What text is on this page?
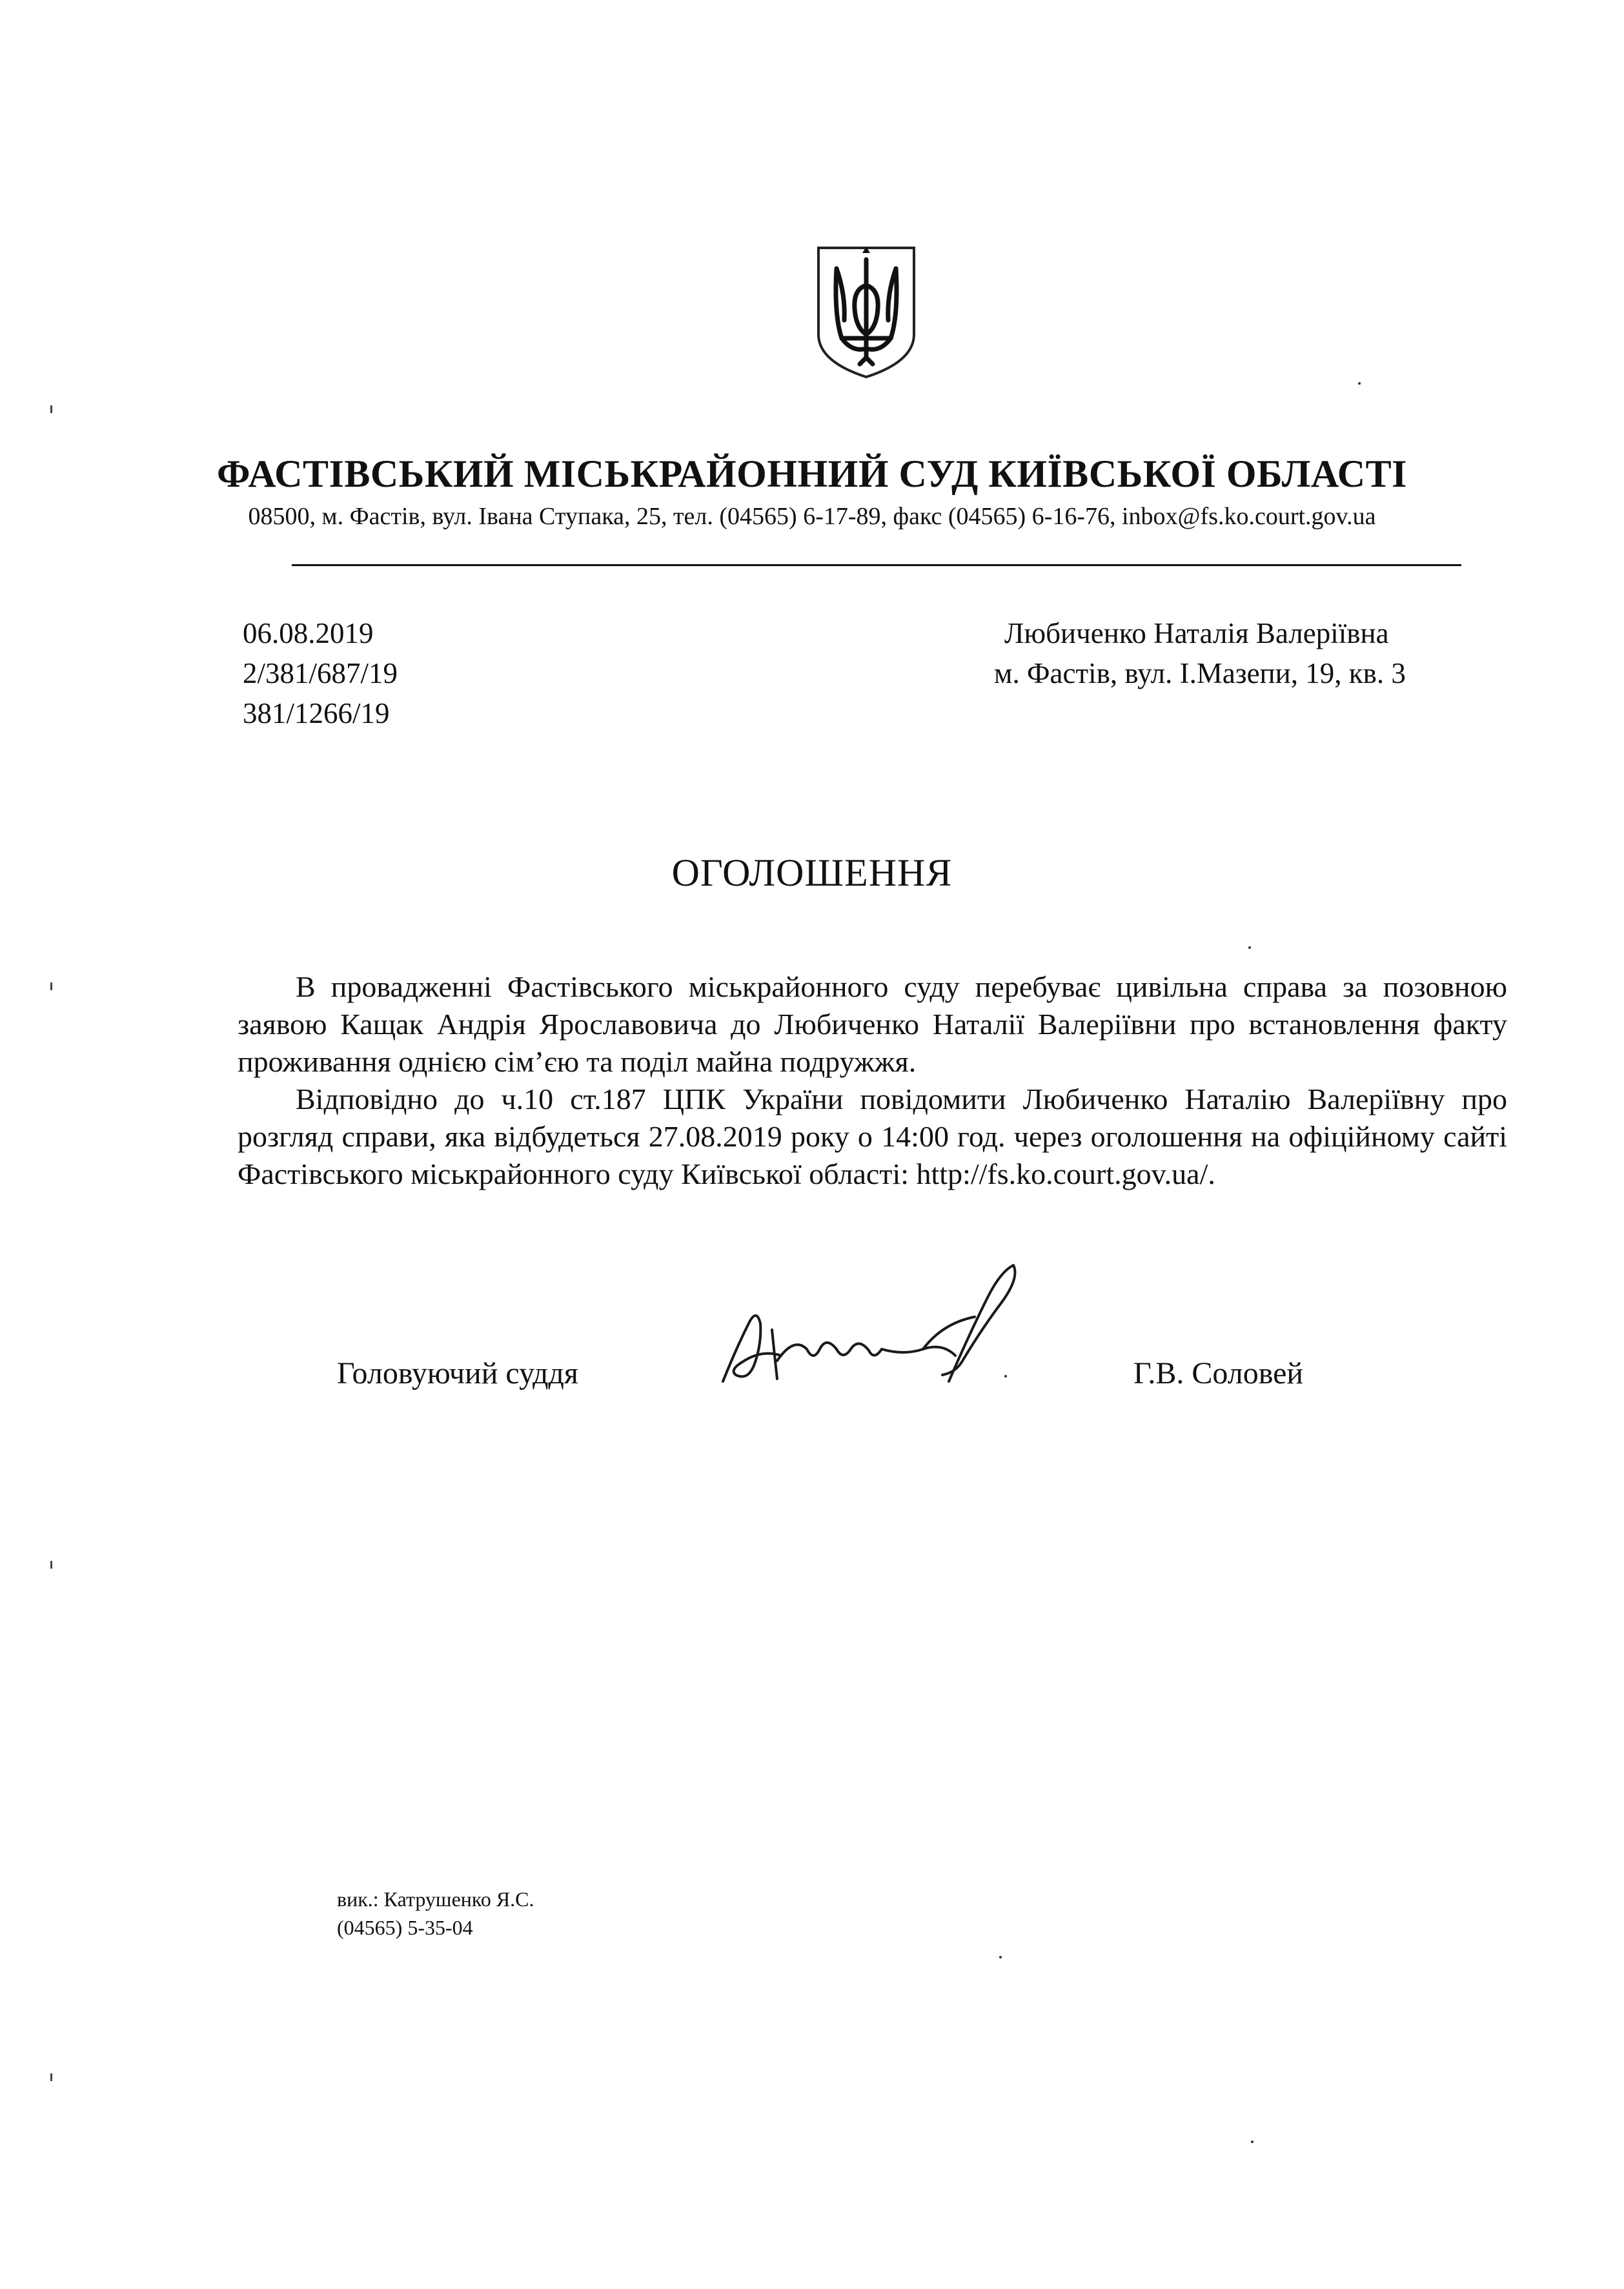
ФАСТІВСЬКИЙ МІСЬКРАЙОННИЙ СУД КИЇВСЬКОЇ ОБЛАСТІ
08500, м. Фастів, вул. Івана Ступака, 25, тел. (04565) 6-17-89, факс (04565) 6-16-76, inbox@fs.ko.court.gov.ua
06.08.2019
2/381/687/19
381/1266/19
Любиченко Наталія Валеріївна
м. Фастів, вул. І.Мазепи, 19, кв. 3
ОГОЛОШЕННЯ

В провадженні Фастівського міськрайонного суду перебуває цивільна справа за позовною заявою Кащак Андрія Ярославовича до Любиченко Наталії Валеріївни про встановлення факту проживання однією сім’єю та поділ майна подружжя.

Відповідно до ч.10 ст.187 ЦПК України повідомити Любиченко Наталію Валеріївну про розгляд справи, яка відбудеться 27.08.2019 року о 14:00 год. через оголошення на офіційному сайті Фастівського міськрайонного суду Київської області: http://fs.ko.court.gov.ua/.

Головуючий суддя	Г.В. Соловей
вик.: Катрушенко Я.С.
(04565) 5-35-04
